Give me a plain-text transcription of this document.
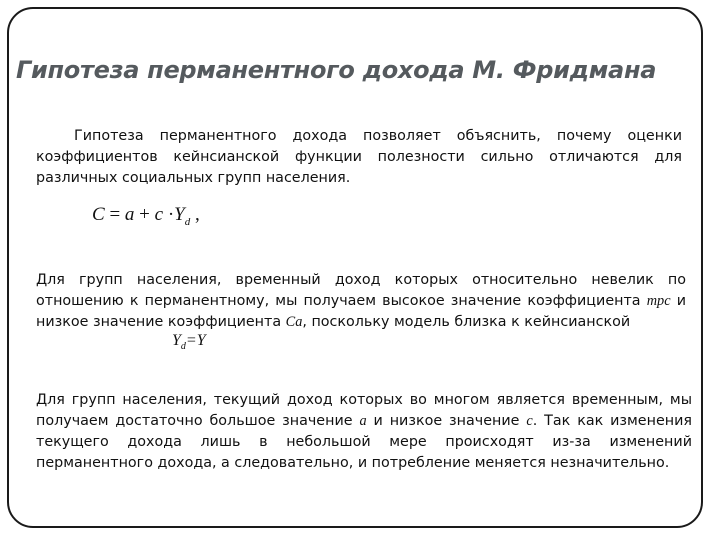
Гипотеза перманентного дохода М. Фридмана
Гипотеза перманентного дохода позволяет объяснить, почему оценки коэффициентов кейнсианской функции полезности сильно отличаются для различных социальных групп населения.
$C = a + c \cdot Y_d$ ,
Для групп населения, временный доход которых относительно невелик по отношению к перманентному, мы получаем высокое значение коэффициента mpc и низкое значение коэффициента Ca, поскольку модель близка к кейнсианской
$Y_d=Y$
Для групп населения, текущий доход которых во многом является временным, мы получаем достаточно большое значение a и низкое значение c. Так как изменения текущего дохода лишь в небольшой мере происходят из-за изменений перманентного дохода, а следовательно, и потребление меняется незначительно.
